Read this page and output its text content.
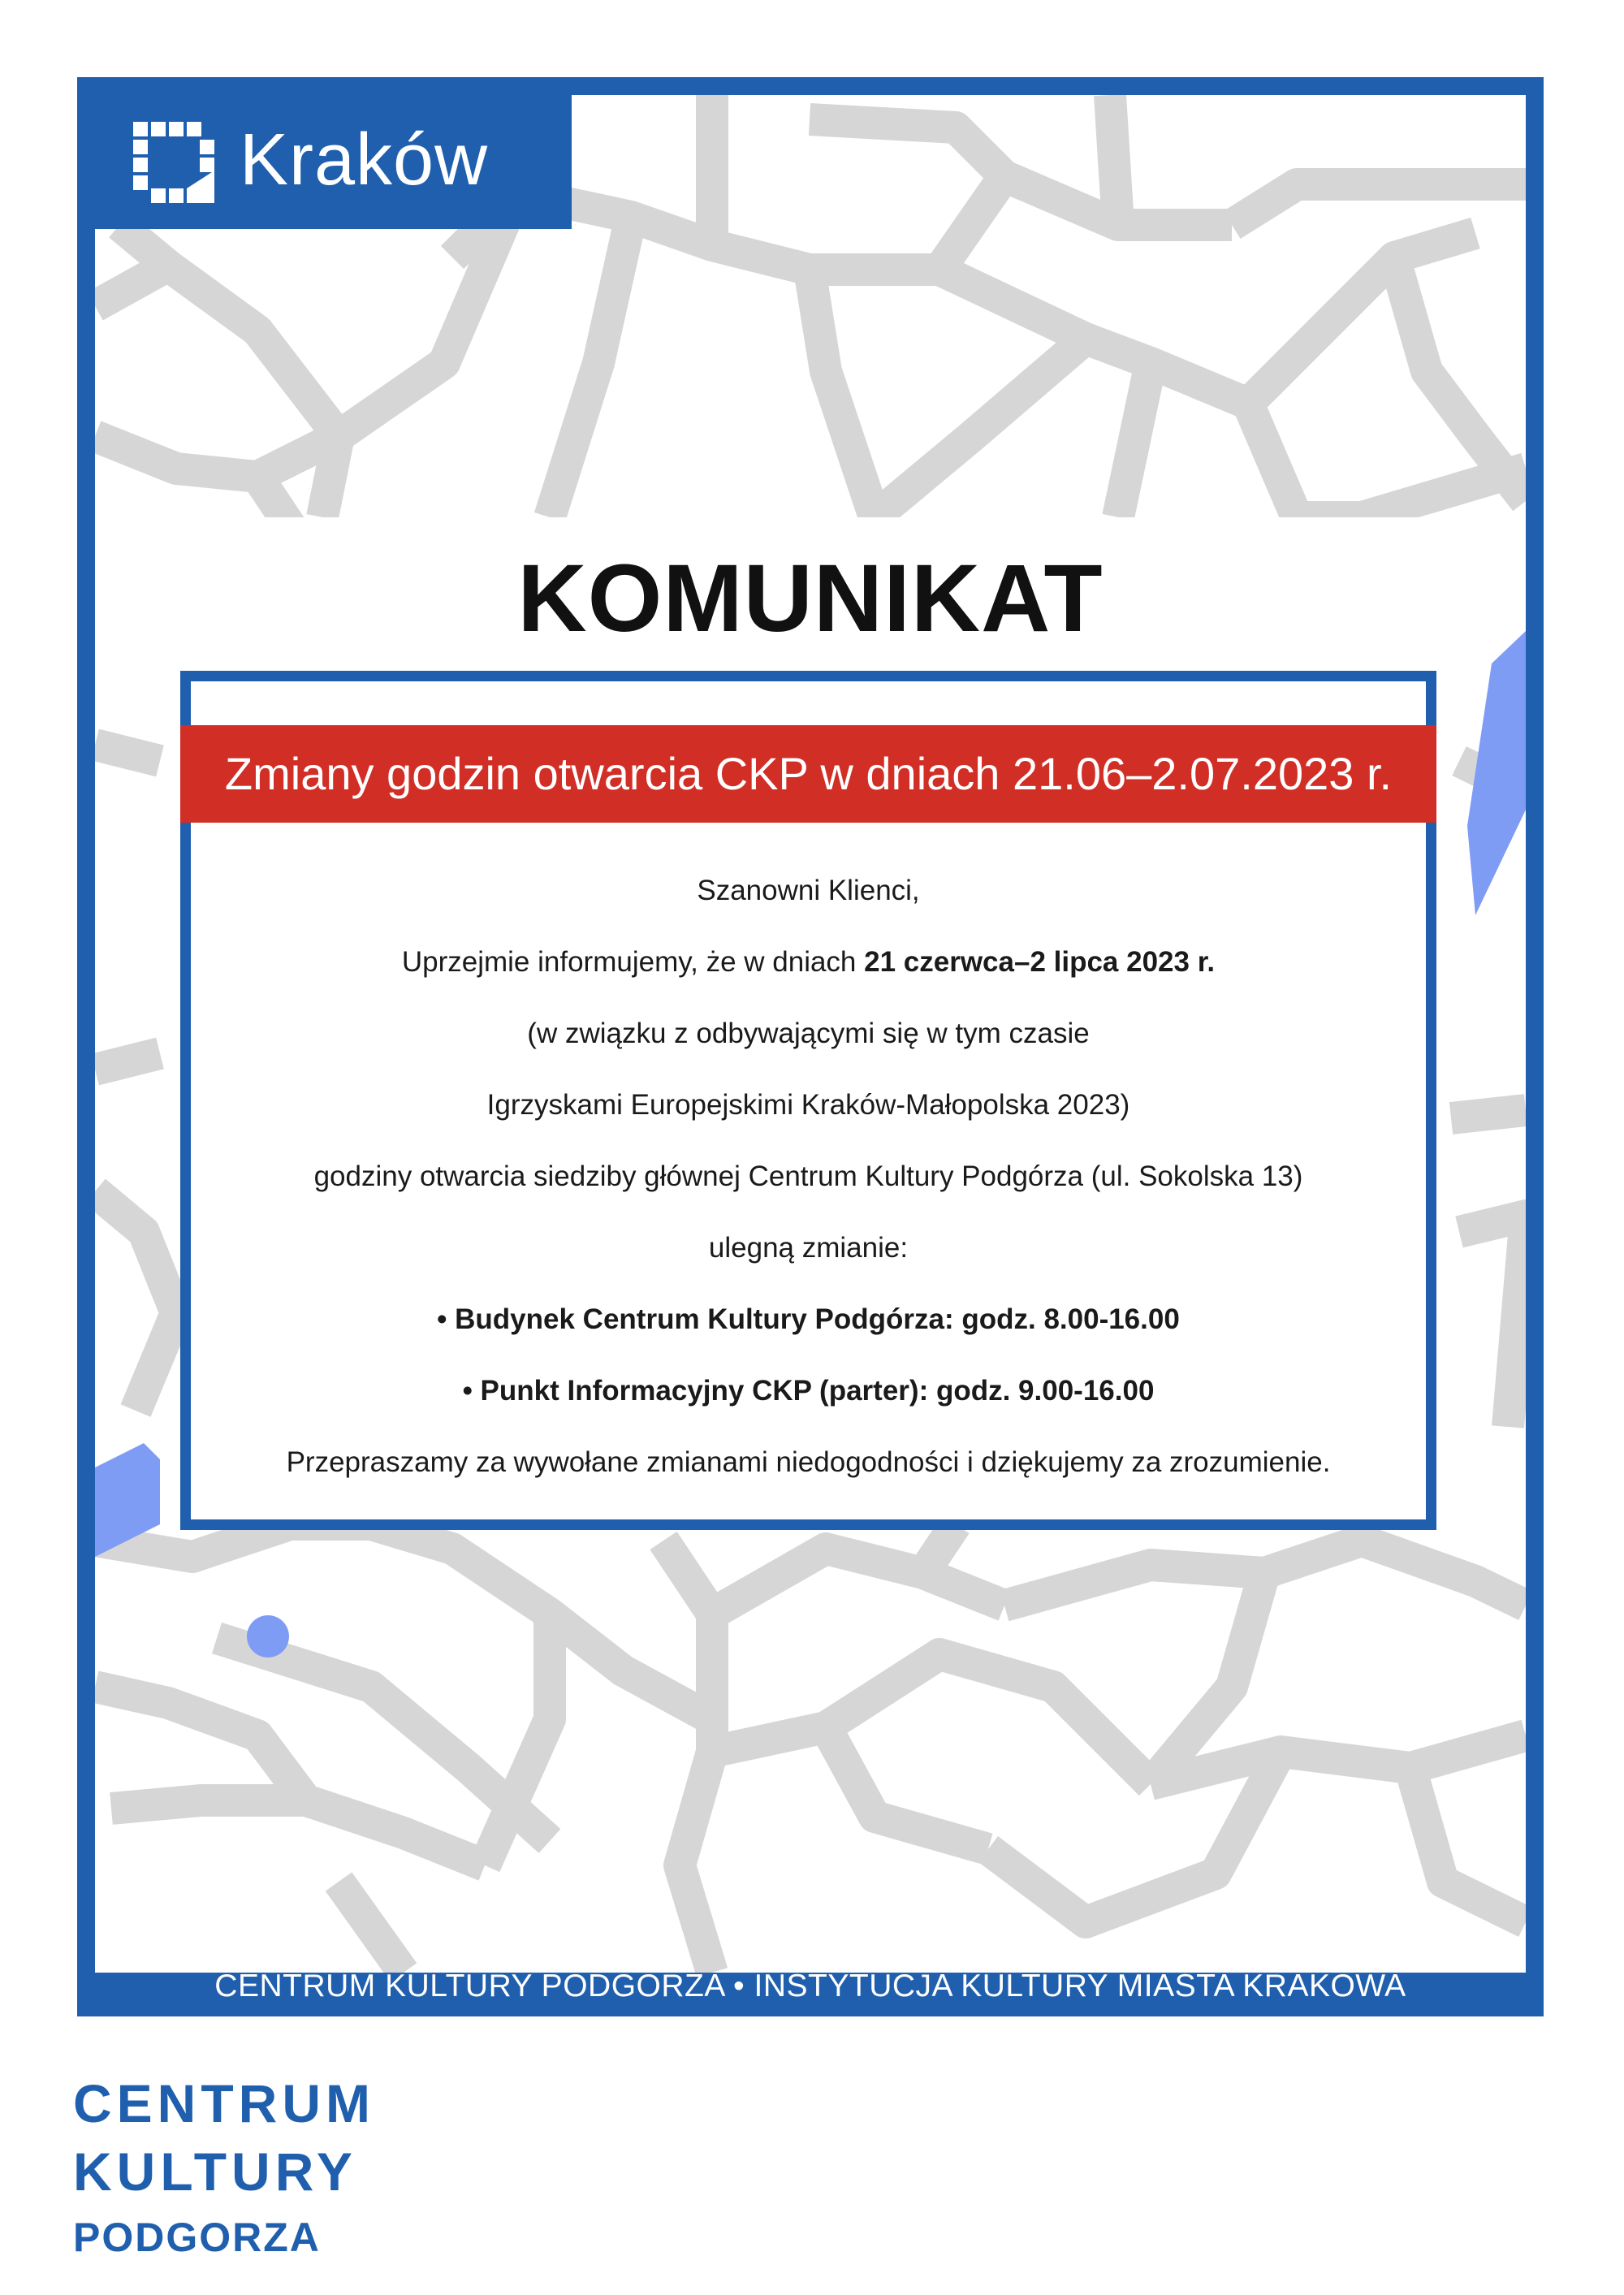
Kraków
KOMUNIKAT
Zmiany godzin otwarcia CKP w dniach 21.06–2.07.2023 r.
Szanowni Klienci,
Uprzejmie informujemy, że w dniach 21 czerwca–2 lipca 2023 r.
(w związku z odbywającymi się w tym czasie
Igrzyskami Europejskimi Kraków-Małopolska 2023)
godziny otwarcia siedziby głównej Centrum Kultury Podgórza (ul. Sokolska 13)
ulegną zmianie:
• Budynek Centrum Kultury Podgórza: godz. 8.00-16.00
• Punkt Informacyjny CKP (parter): godz. 9.00-16.00
Przepraszamy za wywołane zmianami niedogodności i dziękujemy za zrozumienie.
CENTRUM KULTURY PODGÓRZA • INSTYTUCJA KULTURY MIASTA KRAKOWA
CENTRUM
KULTURY
PODGORZA
